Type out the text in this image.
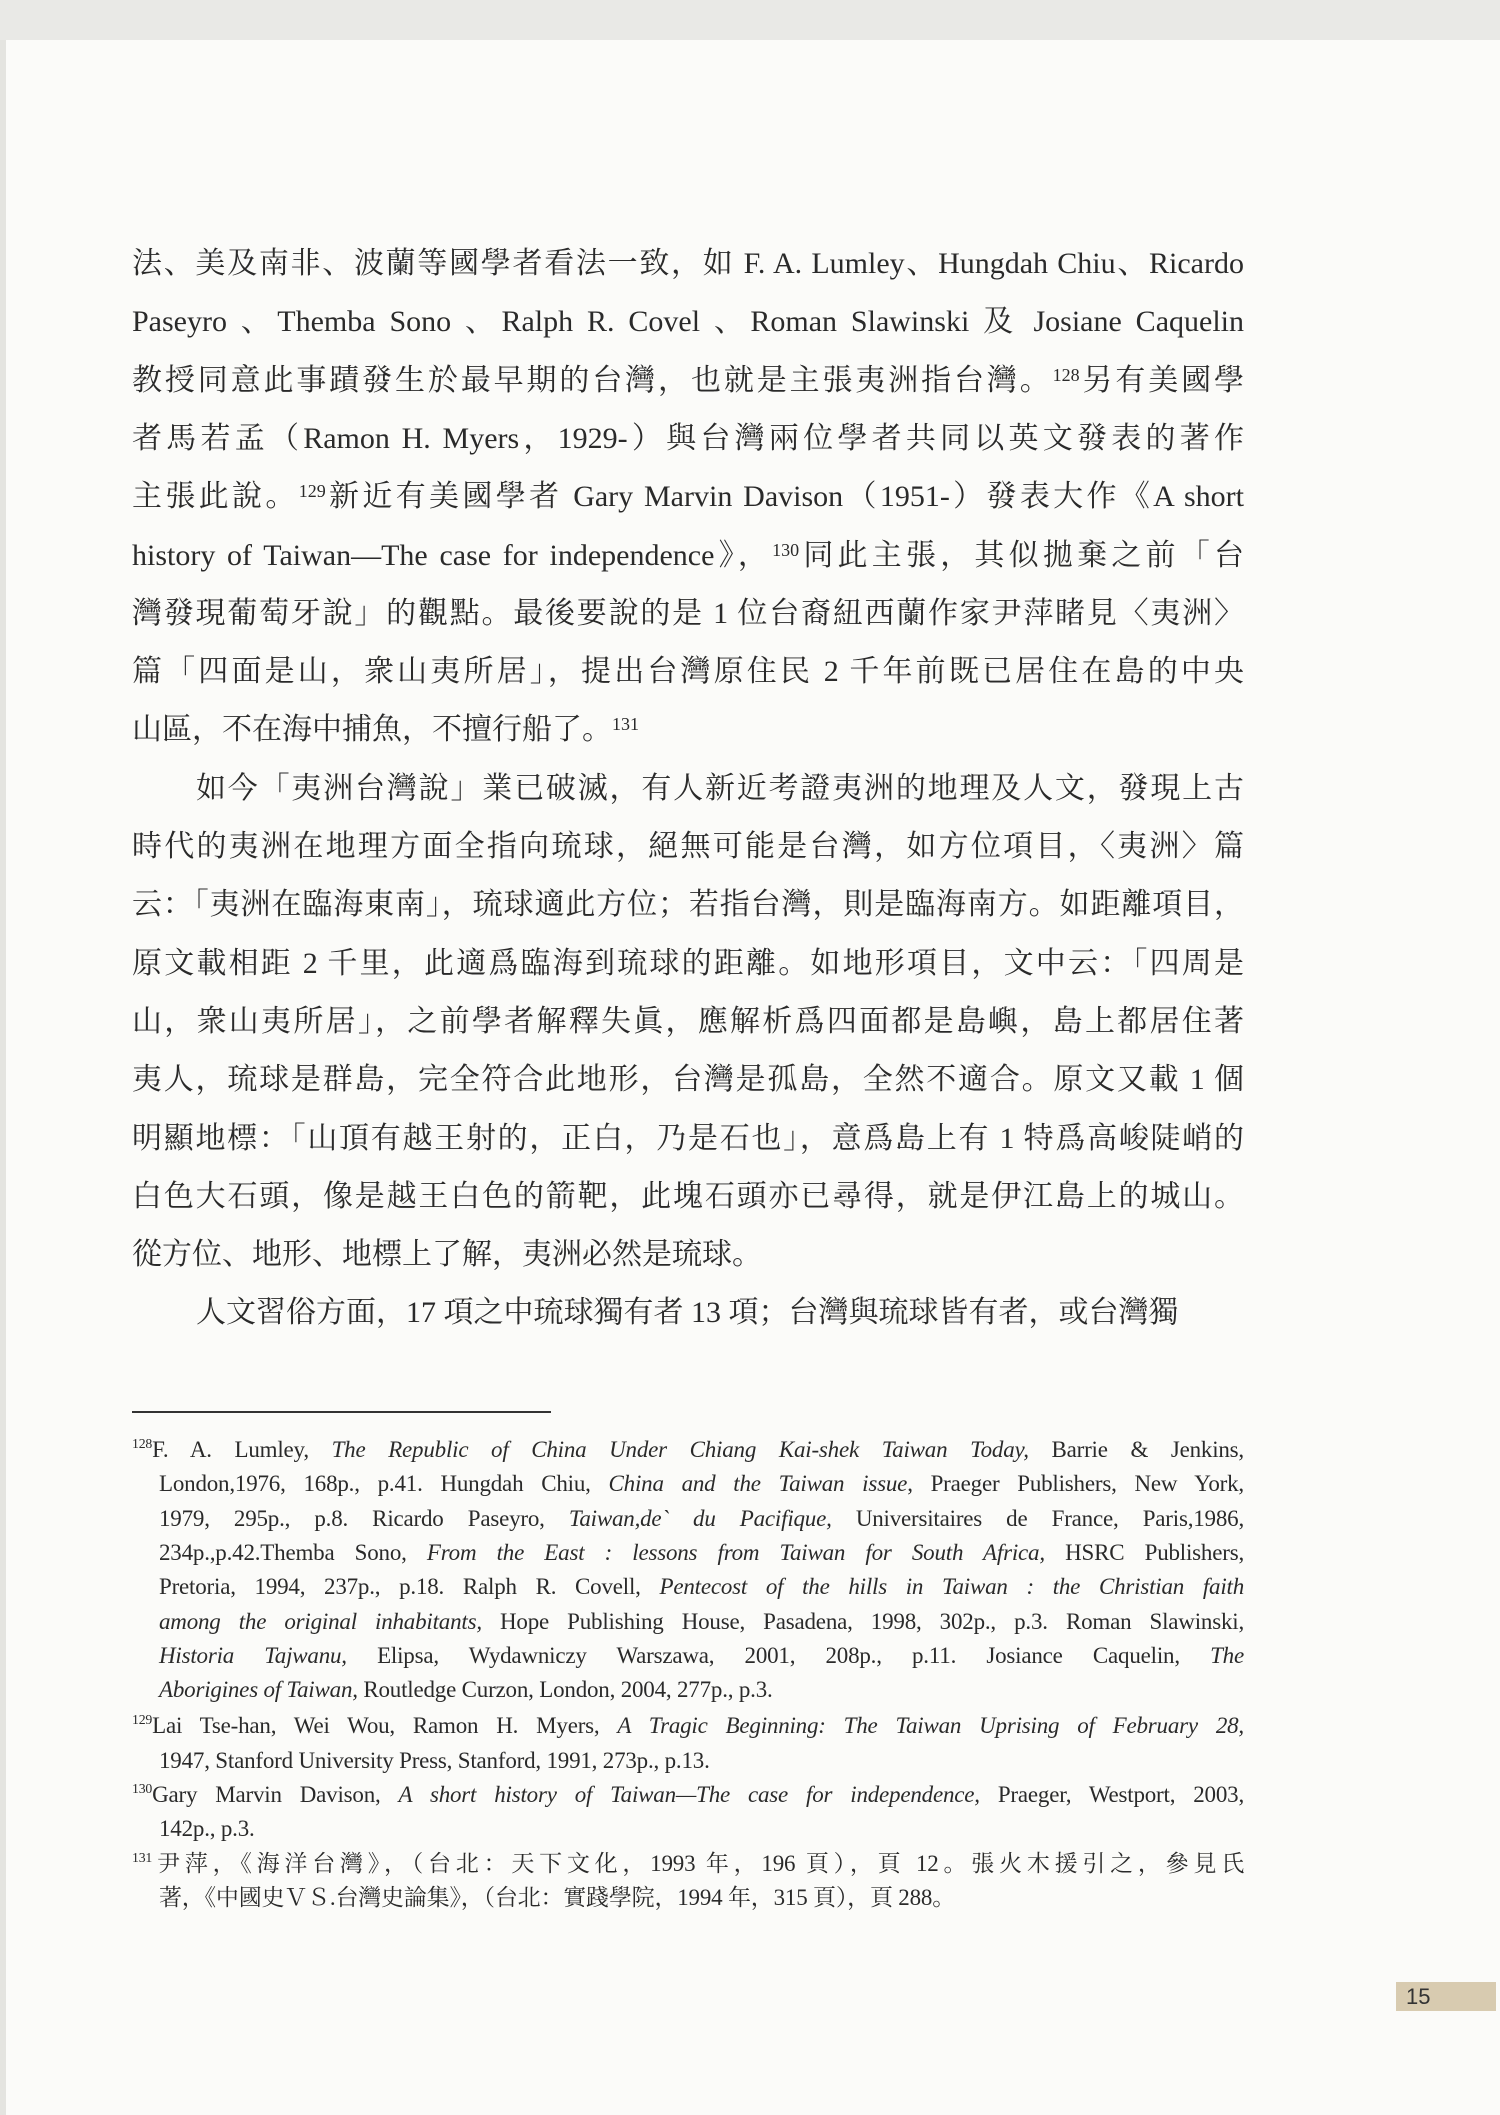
法、美及南非、波蘭等國學者看法一致，如 F. A. Lumley、Hungdah Chiu、Ricardo
Paseyro 、Themba Sono 、Ralph R. Covel 、Roman Slawinski 及 Josiane Caquelin
教授同意此事蹟發生於最早期的台灣，也就是主張夷洲指台灣。$^{128}$另有美國學
者馬若孟（Ramon H. Myers，1929-）與台灣兩位學者共同以英文發表的著作
主張此說。$^{129}$新近有美國學者 Gary Marvin Davison（1951-）發表大作《A short
history of Taiwan—The case for independence》，$^{130}$同此主張，其似拋棄之前「台
灣發現葡萄牙說」的觀點。最後要說的是 1 位台裔紐西蘭作家尹萍睹見〈夷洲〉
篇「四面是山，衆山夷所居」，提出台灣原住民 2 千年前既已居住在島的中央
山區，不在海中捕魚，不擅行船了。$^{131}$
如今「夷洲台灣說」業已破滅，有人新近考證夷洲的地理及人文，發現上古
時代的夷洲在地理方面全指向琉球，絕無可能是台灣，如方位項目，〈夷洲〉篇
云：「夷洲在臨海東南」，琉球適此方位；若指台灣，則是臨海南方。如距離項目，
原文載相距 2 千里，此適爲臨海到琉球的距離。如地形項目，文中云：「四周是
山，衆山夷所居」，之前學者解釋失眞，應解析爲四面都是島嶼，島上都居住著
夷人，琉球是群島，完全符合此地形，台灣是孤島，全然不適合。原文又載 1 個
明顯地標：「山頂有越王射的，正白，乃是石也」，意爲島上有 1 特爲高峻陡峭的
白色大石頭，像是越王白色的箭靶，此塊石頭亦已尋得，就是伊江島上的城山。
從方位、地形、地標上了解，夷洲必然是琉球。
人文習俗方面，17 項之中琉球獨有者 13 項；台灣與琉球皆有者，或台灣獨
$^{128}$F. A. Lumley, The Republic of China Under Chiang Kai-shek Taiwan Today, Barrie & Jenkins,
London,1976, 168p., p.41. Hungdah Chiu, China and the Taiwan issue, Praeger Publishers, New York,
1979, 295p., p.8. Ricardo Paseyro, Taiwan,de` du Pacifique, Universitaires de France, Paris,1986,
234p.,p.42.Themba Sono, From the East : lessons from Taiwan for South Africa, HSRC Publishers,
Pretoria, 1994, 237p., p.18. Ralph R. Covell, Pentecost of the hills in Taiwan : the Christian faith
among the original inhabitants, Hope Publishing House, Pasadena, 1998, 302p., p.3. Roman Slawinski,
Historia Tajwanu, Elipsa, Wydawniczy Warszawa, 2001, 208p., p.11. Josiance Caquelin, The
Aborigines of Taiwan, Routledge Curzon, London, 2004, 277p., p.3.
$^{129}$Lai Tse-han, Wei Wou, Ramon H. Myers, A Tragic Beginning: The Taiwan Uprising of February 28,
1947, Stanford University Press, Stanford, 1991, 273p., p.13.
$^{130}$Gary Marvin Davison, A short history of Taiwan—The case for independence, Praeger, Westport, 2003,
142p., p.3.
$^{131}$尹萍，《海洋台灣》，（台北：天下文化，1993 年，196 頁），頁 12。張火木援引之，參見氏
著，《中國史ＶＳ.台灣史論集》，（台北：實踐學院，1994 年，315 頁），頁 288。
15
